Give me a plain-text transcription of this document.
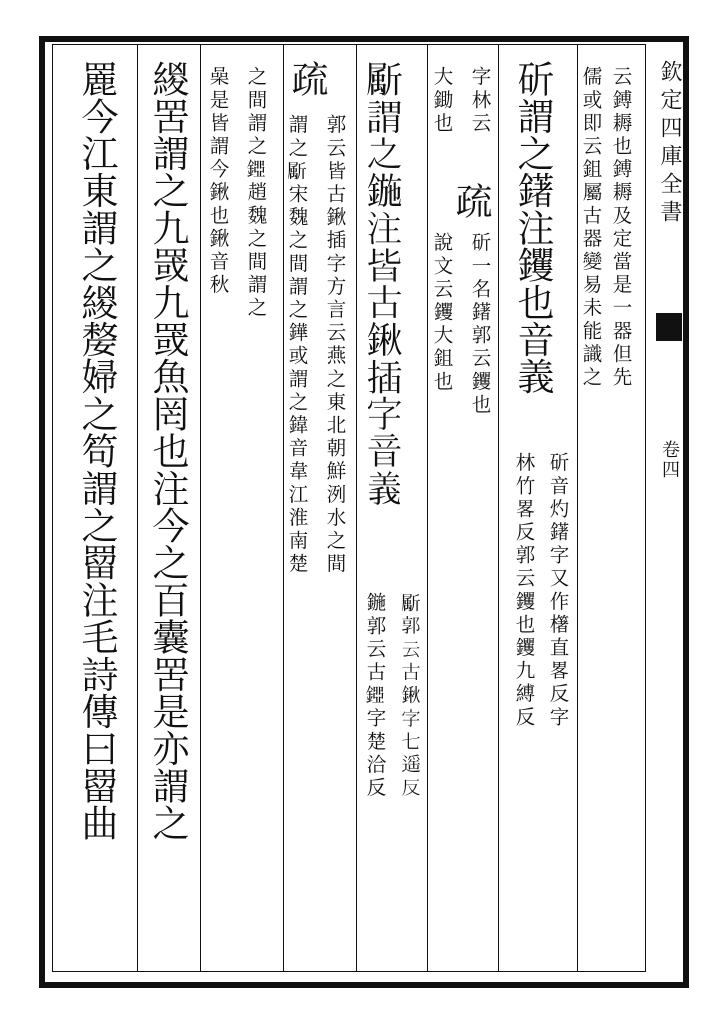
欽定四庫全書
卷四
云鎛耨也鎛耨及定當是一器但先
儒或即云鉏屬古器變易未能識之
斫謂之鐯注钁也音義
斫音灼鐯字又作櫡直畧反字
林竹畧反郭云钁也钁九縛反
字林云
大鋤也
疏
斫一名鐯郭云钁也
說文云钁大鉏也
𣃁謂之鍦注皆古鍬插字音義
𣃁郭云古鍬字七遥反
鍦郭云古𨪐字楚洽反
疏
郭云皆古鍬插字方言云燕之東北朝鮮洌水之間
謂之𣃁宋魏之間謂之鏵或謂之鍏音韋江淮南楚
之間謂之𨪐趙魏之間謂之
喿是皆謂今鍬也鍬音秋
緵罟謂之九罭九罭魚罔也注今之百囊罟是亦謂之
䍡今江東謂之緵嫠婦之笱謂之罶注毛詩傳曰罶曲
